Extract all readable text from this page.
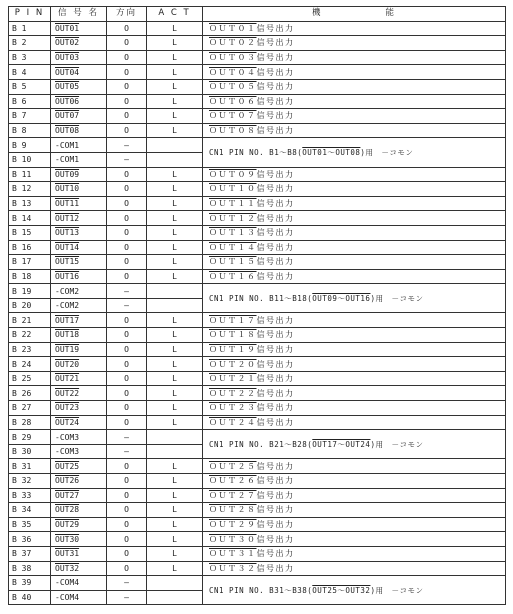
P I N	信 号 名	方向	A C T	機　　　　　　能
B 1	OUT01	O	L	ＯＵＴ０１信号出力
B 2	OUT02	O	L	ＯＵＴ０２信号出力
B 3	OUT03	O	L	ＯＵＴ０３信号出力
B 4	OUT04	O	L	ＯＵＴ０４信号出力
B 5	OUT05	O	L	ＯＵＴ０５信号出力
B 6	OUT06	O	L	ＯＵＴ０６信号出力
B 7	OUT07	O	L	ＯＵＴ０７信号出力
B 8	OUT08	O	L	ＯＵＴ０８信号出力
B 9	-COM1	—		CN1 PIN NO. B1～B8(OUT01～OUT08)用　－コモン
B 10	-COM1	—		
B 11	OUT09	O	L	ＯＵＴ０９信号出力
B 12	OUT10	O	L	ＯＵＴ１０信号出力
B 13	OUT11	O	L	ＯＵＴ１１信号出力
B 14	OUT12	O	L	ＯＵＴ１２信号出力
B 15	OUT13	O	L	ＯＵＴ１３信号出力
B 16	OUT14	O	L	ＯＵＴ１４信号出力
B 17	OUT15	O	L	ＯＵＴ１５信号出力
B 18	OUT16	O	L	ＯＵＴ１６信号出力
B 19	-COM2	—		CN1 PIN NO. B11～B18(OUT09～OUT16)用　－コモン
B 20	-COM2	—		
B 21	OUT17	O	L	ＯＵＴ１７信号出力
B 22	OUT18	O	L	ＯＵＴ１８信号出力
B 23	OUT19	O	L	ＯＵＴ１９信号出力
B 24	OUT20	O	L	ＯＵＴ２０信号出力
B 25	OUT21	O	L	ＯＵＴ２１信号出力
B 26	OUT22	O	L	ＯＵＴ２２信号出力
B 27	OUT23	O	L	ＯＵＴ２３信号出力
B 28	OUT24	O	L	ＯＵＴ２４信号出力
B 29	-COM3	—		CN1 PIN NO. B21～B28(OUT17～OUT24)用　－コモン
B 30	-COM3	—		
B 31	OUT25	O	L	ＯＵＴ２５信号出力
B 32	OUT26	O	L	ＯＵＴ２６信号出力
B 33	OUT27	O	L	ＯＵＴ２７信号出力
B 34	OUT28	O	L	ＯＵＴ２８信号出力
B 35	OUT29	O	L	ＯＵＴ２９信号出力
B 36	OUT30	O	L	ＯＵＴ３０信号出力
B 37	OUT31	O	L	ＯＵＴ３１信号出力
B 38	OUT32	O	L	ＯＵＴ３２信号出力
B 39	-COM4	—		CN1 PIN NO. B31～B38(OUT25～OUT32)用　－コモン
B 40	-COM4	—		
